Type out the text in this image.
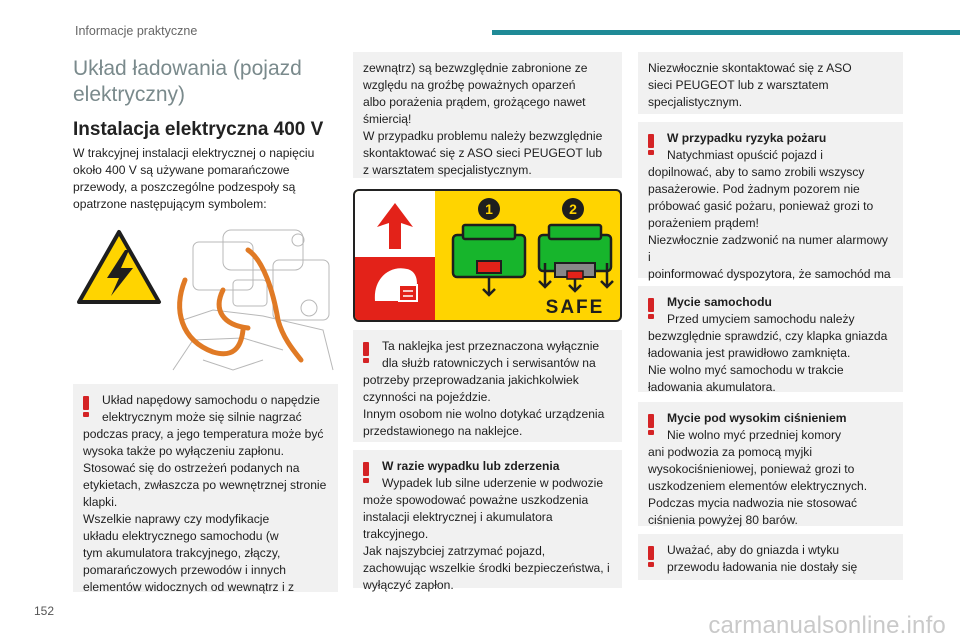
Informacje praktyczne
Układ ładowania (pojazd elektryczny)
Instalacja elektryczna 400 V
W trakcyjnej instalacji elektrycznej o napięciu
około 400 V są używane pomarańczowe
przewody, a poszczególne podzespoły są
opatrzone następującym symbolem:
Układ napędowy samochodu o napędzie
elektrycznym może się silnie nagrzać
podczas pracy, a jego temperatura może być
wysoka także po wyłączeniu zapłonu.
Stosować się do ostrzeżeń podanych na
etykietach, zwłaszcza po wewnętrznej stronie
klapki.
Wszelkie naprawy czy modyfikacje
układu elektrycznego samochodu (w
tym akumulatora trakcyjnego, złączy,
pomarańczowych przewodów i innych
elementów widocznych od wewnątrz i z
zewnątrz) są bezwzględnie zabronione ze
względu na groźbę poważnych oparzeń
albo porażenia prądem, grożącego nawet
śmiercią!
W przypadku problemu należy bezwzględnie
skontaktować się z ASO sieci PEUGEOT lub
z warsztatem specjalistycznym.
1	2
SAFE
Ta naklejka jest przeznaczona wyłącznie
dla służb ratowniczych i serwisantów na
potrzeby przeprowadzania jakichkolwiek
czynności na pojeździe.
Innym osobom nie wolno dotykać urządzenia
przedstawionego na naklejce.
W razie wypadku lub zderzenia
Wypadek lub silne uderzenie w podwozie
może spowodować poważne uszkodzenia
instalacji elektrycznej i akumulatora
trakcyjnego.
Jak najszybciej zatrzymać pojazd,
zachowując wszelkie środki bezpieczeństwa, i
wyłączyć zapłon.
Niezwłocznie skontaktować się z ASO
sieci PEUGEOT lub z warsztatem
specjalistycznym.
W przypadku ryzyka pożaru
Natychmiast opuścić pojazd i
dopilnować, aby to samo zrobili wszyscy
pasażerowie. Pod żadnym pozorem nie
próbować gasić pożaru, ponieważ grozi to
porażeniem prądem!
Niezwłocznie zadzwonić na numer alarmowy i
poinformować dyspozytora, że samochód ma
Mycie samochodu
Przed umyciem samochodu należy
bezwzględnie sprawdzić, czy klapka gniazda
ładowania jest prawidłowo zamknięta.
Nie wolno myć samochodu w trakcie
ładowania akumulatora.
Mycie pod wysokim ciśnieniem
Nie wolno myć przedniej komory
ani podwozia za pomocą myjki
wysokociśnieniowej, ponieważ grozi to
uszkodzeniem elementów elektrycznych.
Podczas mycia nadwozia nie stosować
ciśnienia powyżej 80 barów.
Uważać, aby do gniazda i wtyku
przewodu ładowania nie dostały się
152
carmanualsonline.info
